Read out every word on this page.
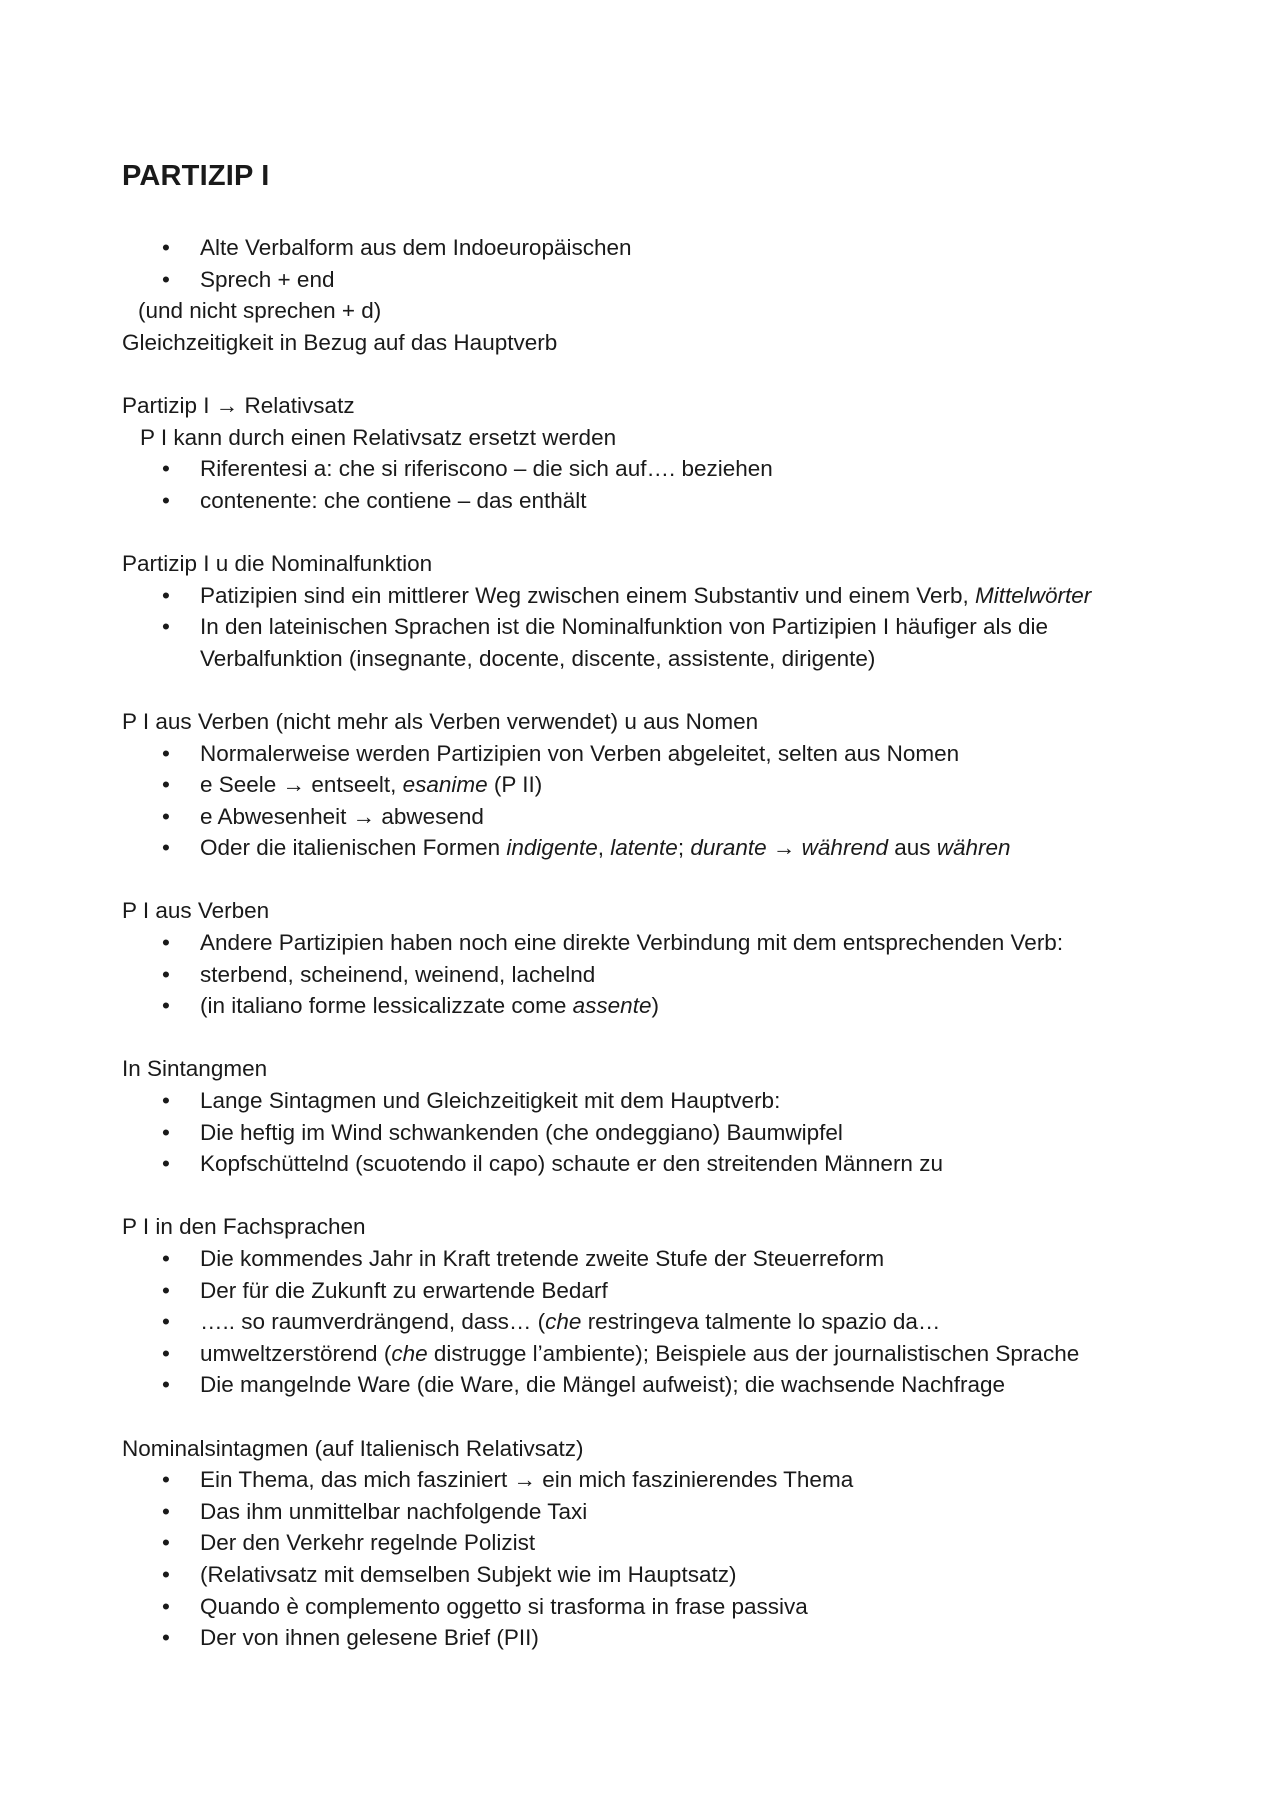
PARTIZIP I
• Alte Verbalform aus dem Indoeuropäischen
• Sprech + end
(und nicht sprechen + d)
Gleichzeitigkeit in Bezug auf das Hauptverb
Partizip I → Relativsatz
P I kann durch einen Relativsatz ersetzt werden
• Riferentesi a: che si riferiscono – die sich auf…. beziehen
• contenente: che contiene – das enthält
Partizip I u die Nominalfunktion
• Patizipien sind ein mittlerer Weg zwischen einem Substantiv und einem Verb, Mittelwörter
• In den lateinischen Sprachen ist die Nominalfunktion von Partizipien I häufiger als die Verbalfunktion (insegnante, docente, discente, assistente, dirigente)
P I aus Verben (nicht mehr als Verben verwendet) u aus Nomen
• Normalerweise werden Partizipien von Verben abgeleitet, selten aus Nomen
• e Seele → entseelt, esanime (P II)
• e Abwesenheit → abwesend
• Oder die italienischen Formen indigente, latente; durante → während aus währen
P I aus Verben
• Andere Partizipien haben noch eine direkte Verbindung mit dem entsprechenden Verb:
• sterbend, scheinend, weinend, lachelnd
• (in italiano forme lessicalizzate come assente)
In Sintangmen
• Lange Sintagmen und Gleichzeitigkeit mit dem Hauptverb:
• Die heftig im Wind schwankenden (che ondeggiano) Baumwipfel
• Kopfschüttelnd (scuotendo il capo) schaute er den streitenden Männern zu
P I in den Fachsprachen
• Die kommendes Jahr in Kraft tretende zweite Stufe der Steuerreform
• Der für die Zukunft zu erwartende Bedarf
• ….. so raumverdrängend, dass… (che restringeva talmente lo spazio da…
• umweltzerstörend (che distrugge l’ambiente); Beispiele aus der journalistischen Sprache
• Die mangelnde Ware (die Ware, die Mängel aufweist); die wachsende Nachfrage
Nominalsintagmen (auf Italienisch Relativsatz)
• Ein Thema, das mich fasziniert → ein mich faszinierendes Thema
• Das ihm unmittelbar nachfolgende Taxi
• Der den Verkehr regelnde Polizist
• (Relativsatz mit demselben Subjekt wie im Hauptsatz)
• Quando è complemento oggetto si trasforma in frase passiva
• Der von ihnen gelesene Brief (PII)
